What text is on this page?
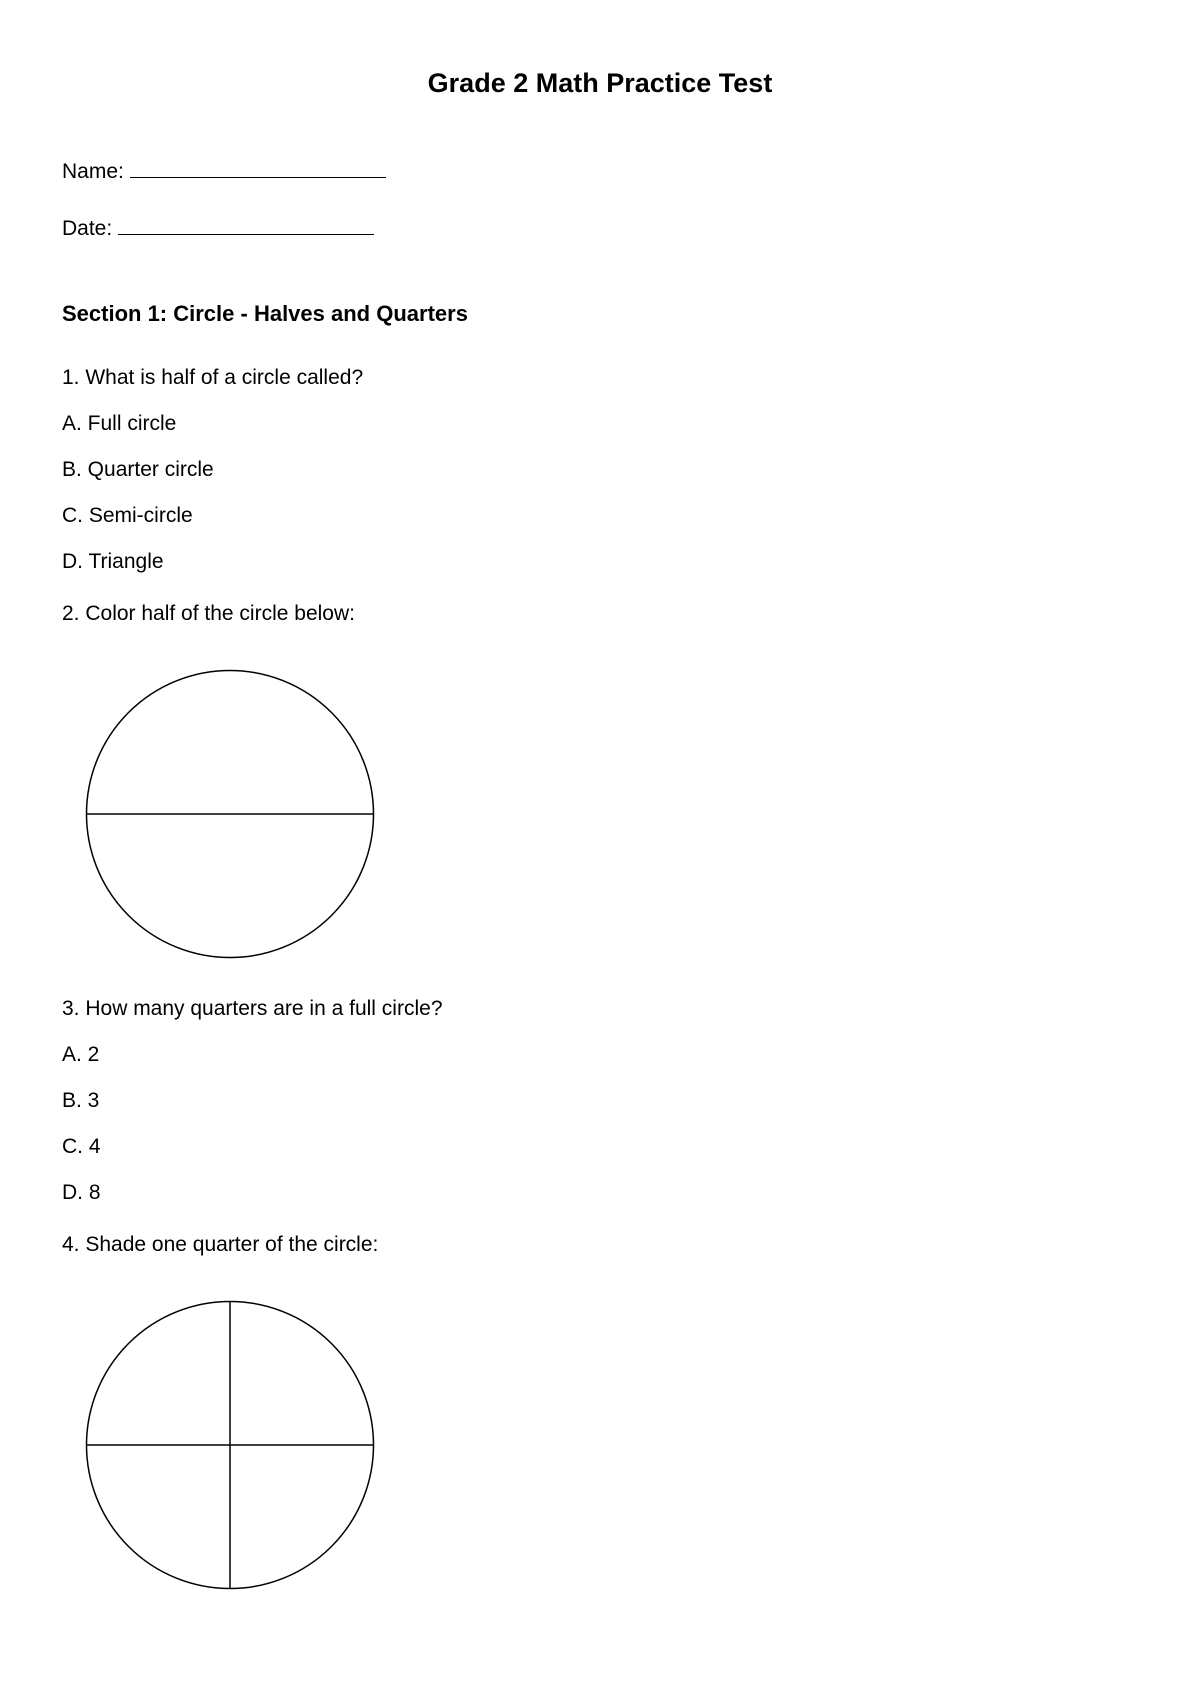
Grade 2 Math Practice Test
Name:
Date:
Section 1: Circle - Halves and Quarters
1. What is half of a circle called?
A. Full circle
B. Quarter circle
C. Semi-circle
D. Triangle
2. Color half of the circle below:
3. How many quarters are in a full circle?
A. 2
B. 3
C. 4
D. 8
4. Shade one quarter of the circle:
